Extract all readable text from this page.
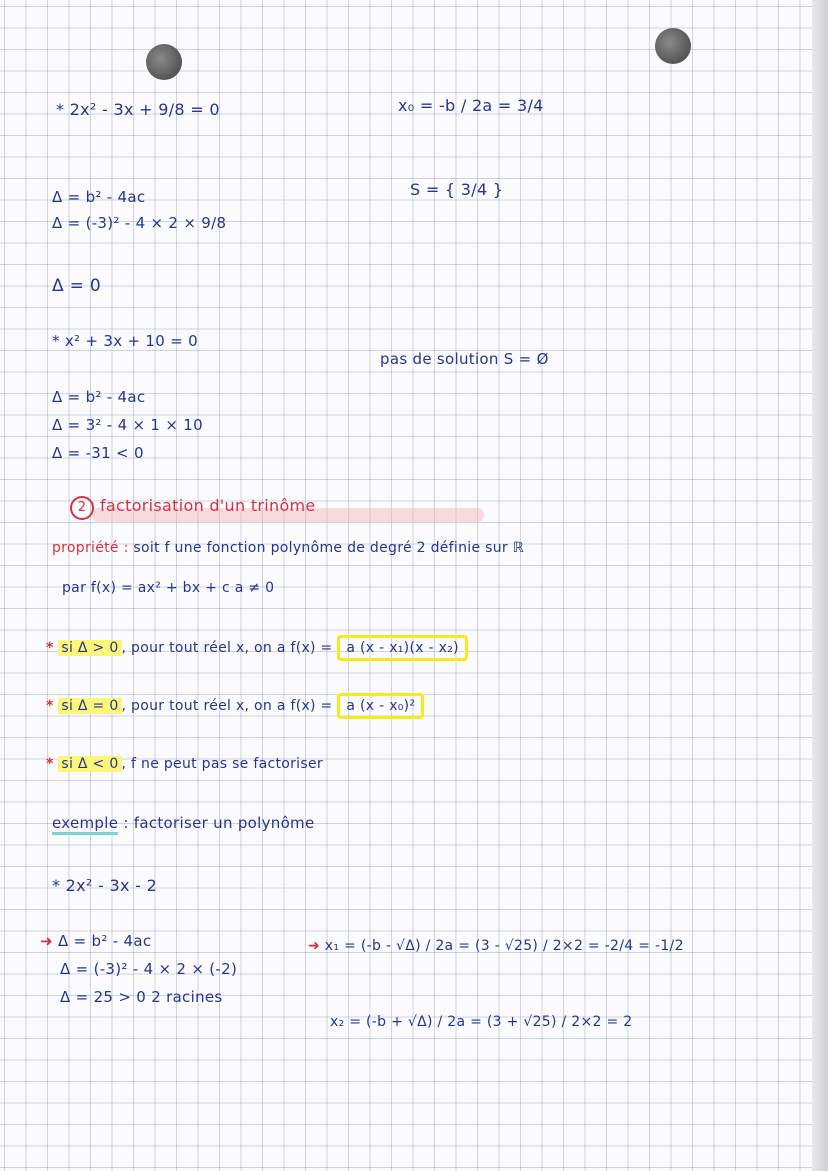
* 2x² - 3x + 9/8 = 0	x₀ = -b / 2a = 3/4
S = { 3/4 }
Δ = b² - 4ac
Δ = (-3)² - 4 × 2 × 9/8
Δ = 0
* x² + 3x + 10 = 0
pas de solution S = Ø
Δ = b² - 4ac
Δ = 3² - 4 × 1 × 10
Δ = -31 < 0
2 factorisation d'un trinôme
propriété : soit f une fonction polynôme de degré 2 définie sur ℝ
par f(x) = ax² + bx + c a ≠ 0
* si Δ > 0 , pour tout réel x, on a f(x) = a (x - x₁)(x - x₂)
* si Δ = 0 , pour tout réel x, on a f(x) = a (x - x₀)²
* si Δ < 0 , f ne peut pas se factoriser
exemple : factoriser un polynôme
* 2x² - 3x - 2
➜ Δ = b² - 4ac
Δ = (-3)² - 4 × 2 × (-2)
Δ = 25 > 0 2 racines
➜ x₁ = (-b - √Δ) / 2a = (3 - √25) / 2×2 = -2/4 = -1/2
x₂ = (-b + √Δ) / 2a = (3 + √25) / 2×2 = 2
